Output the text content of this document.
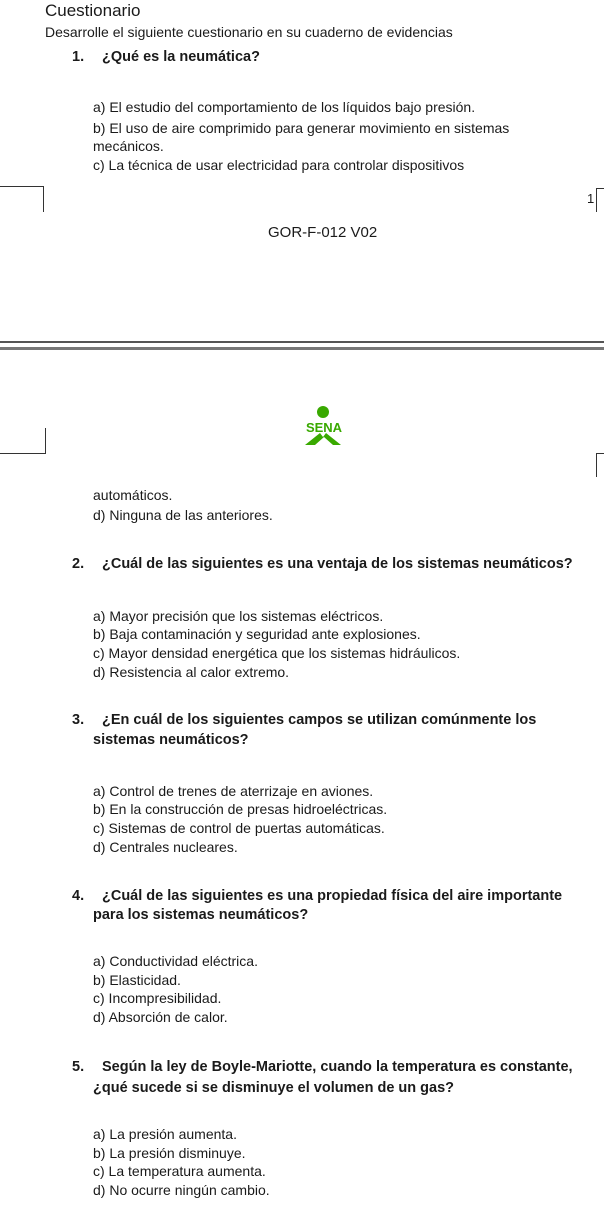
Cuestionario
Desarrolle el siguiente cuestionario en su cuaderno de evidencias
1. ¿Qué es la neumática?
a) El estudio del comportamiento de los líquidos bajo presión.
b) El uso de aire comprimido para generar movimiento en sistemas
mecánicos.
c) La técnica de usar electricidad para controlar dispositivos
1
GOR-F-012 V02
SENA
automáticos.
d) Ninguna de las anteriores.
2. ¿Cuál de las siguientes es una ventaja de los sistemas neumáticos?
a) Mayor precisión que los sistemas eléctricos.
b) Baja contaminación y seguridad ante explosiones.
c) Mayor densidad energética que los sistemas hidráulicos.
d) Resistencia al calor extremo.
3. ¿En cuál de los siguientes campos se utilizan comúnmente los
sistemas neumáticos?
a) Control de trenes de aterrizaje en aviones.
b) En la construcción de presas hidroeléctricas.
c) Sistemas de control de puertas automáticas.
d) Centrales nucleares.
4. ¿Cuál de las siguientes es una propiedad física del aire importante
para los sistemas neumáticos?
a) Conductividad eléctrica.
b) Elasticidad.
c) Incompresibilidad.
d) Absorción de calor.
5. Según la ley de Boyle-Mariotte, cuando la temperatura es constante,
¿qué sucede si se disminuye el volumen de un gas?
a) La presión aumenta.
b) La presión disminuye.
c) La temperatura aumenta.
d) No ocurre ningún cambio.
